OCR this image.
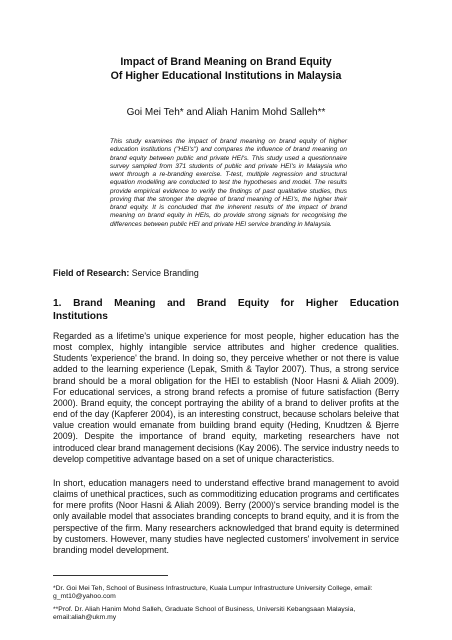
Impact of Brand Meaning on Brand Equity
Of Higher Educational Institutions in Malaysia
Goi Mei Teh* and Aliah Hanim Mohd Salleh**
This study examines the impact of brand meaning on brand equity of higher education institutions ("HEI's") and compares the influence of brand meaning on brand equity between public and private HEI's. This study used a questionnaire survey sampled from 371 students of public and private HEI's in Malaysia who went through a re-branding exercise. T-test, multiple regression and structural equation modelling are conducted to test the hypotheses and model. The results provide empirical evidence to verify the findings of past qualitative studies, thus proving that the stronger the degree of brand meaning of HEI's, the higher their brand equity. It is concluded that the inherent results of the impact of brand meaning on brand equity in HEIs, do provide strong signals for recognising the differences between public HEI and private HEI service branding in Malaysia.
Field of Research: Service Branding
1. Brand Meaning and Brand Equity for Higher Education
Institutions
Regarded as a lifetime's unique experience for most people, higher education has the most complex, highly intangible service attributes and higher credence qualities. Students 'experience' the brand. In doing so, they perceive whether or not there is value added to the learning experience (Lepak, Smith & Taylor 2007). Thus, a strong service brand should be a moral obligation for the HEI to establish (Noor Hasni & Aliah 2009). For educational services, a strong brand refects a promise of future satisfaction (Berry 2000). Brand equity, the concept portraying the ability of a brand to deliver profits at the end of the day (Kapferer 2004), is an interesting construct, because scholars beleive that value creation would emanate from building brand equity (Heding, Knudtzen & Bjerre 2009). Despite the importance of brand equity, marketing researchers have not introduced clear brand management decisions (Kay 2006). The service industry needs to develop competitive advantage based on a set of unique characteristics.
In short, education managers need to understand effective brand management to avoid claims of unethical practices, such as commoditizing education programs and certificates for mere profits (Noor Hasni & Aliah 2009). Berry (2000)'s service branding model is the only available model that associates branding concepts to brand equity, and it is from the perspective of the firm. Many researchers acknowledged that brand equity is determined by customers. However, many studies have neglected customers' involvement in service branding model development.
*Dr. Goi Mei Teh, School of Business Infrastructure, Kuala Lumpur Infrastructure University College, email: g_mt10@yahoo.com
**Prof. Dr. Aliah Hanim Mohd Salleh, Graduate School of Business, Universiti Kebangsaan Malaysia, email:aliah@ukm.my
